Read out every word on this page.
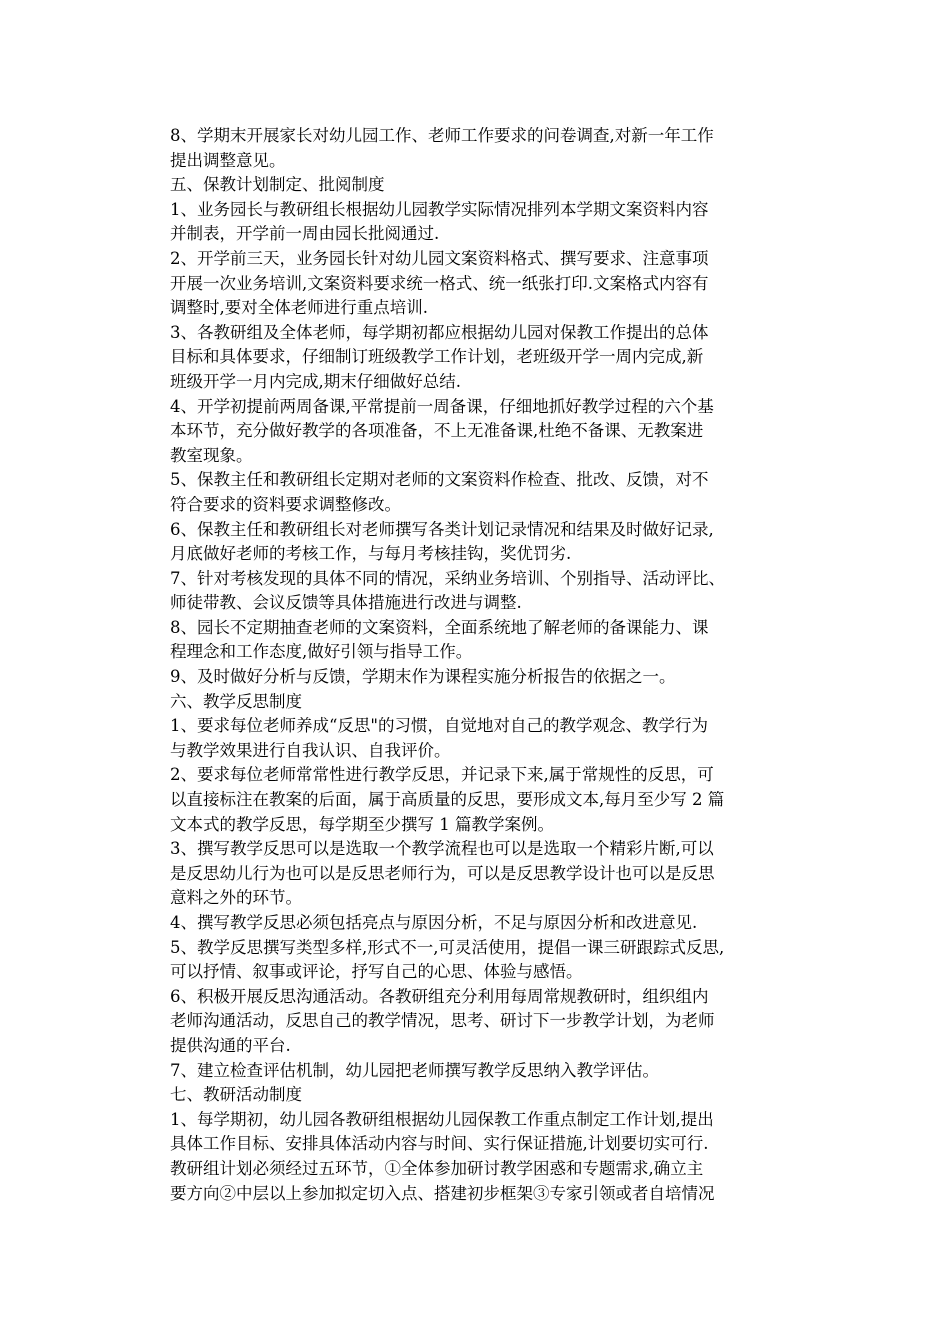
8、学期末开展家长对幼儿园工作、老师工作要求的问卷调查,对新一年工作
提出调整意见。
五、保教计划制定、批阅制度
1、业务园长与教研组长根据幼儿园教学实际情况排列本学期文案资料内容
并制表，开学前一周由园长批阅通过.
2、开学前三天，业务园长针对幼儿园文案资料格式、撰写要求、注意事项
开展一次业务培训,文案资料要求统一格式、统一纸张打印.文案格式内容有
调整时,要对全体老师进行重点培训.
3、各教研组及全体老师，每学期初都应根据幼儿园对保教工作提出的总体
目标和具体要求，仔细制订班级教学工作计划，老班级开学一周内完成,新
班级开学一月内完成,期末仔细做好总结.
4、开学初提前两周备课,平常提前一周备课，仔细地抓好教学过程的六个基
本环节，充分做好教学的各项准备，不上无准备课,杜绝不备课、无教案进
教室现象。
5、保教主任和教研组长定期对老师的文案资料作检查、批改、反馈，对不
符合要求的资料要求调整修改。
6、保教主任和教研组长对老师撰写各类计划记录情况和结果及时做好记录,
月底做好老师的考核工作，与每月考核挂钩，奖优罚劣.
7、针对考核发现的具体不同的情况，采纳业务培训、个别指导、活动评比、
师徒带教、会议反馈等具体措施进行改进与调整.
8、园长不定期抽查老师的文案资料，全面系统地了解老师的备课能力、课
程理念和工作态度,做好引领与指导工作。
9、及时做好分析与反馈，学期末作为课程实施分析报告的依据之一。
六、教学反思制度
1、要求每位老师养成“反思"的习惯，自觉地对自己的教学观念、教学行为
与教学效果进行自我认识、自我评价。
2、要求每位老师常常性进行教学反思，并记录下来,属于常规性的反思，可
以直接标注在教案的后面，属于高质量的反思，要形成文本,每月至少写 2 篇
文本式的教学反思，每学期至少撰写 1 篇教学案例。
3、撰写教学反思可以是选取一个教学流程也可以是选取一个精彩片断,可以
是反思幼儿行为也可以是反思老师行为，可以是反思教学设计也可以是反思
意料之外的环节。
4、撰写教学反思必须包括亮点与原因分析，不足与原因分析和改进意见.
5、教学反思撰写类型多样,形式不一,可灵活使用，提倡一课三研跟踪式反思,
可以抒情、叙事或评论，抒写自己的心思、体验与感悟。
6、积极开展反思沟通活动。各教研组充分利用每周常规教研时，组织组内
老师沟通活动，反思自己的教学情况，思考、研讨下一步教学计划，为老师
提供沟通的平台.
7、建立检查评估机制，幼儿园把老师撰写教学反思纳入教学评估。
七、教研活动制度
1、每学期初，幼儿园各教研组根据幼儿园保教工作重点制定工作计划,提出
具体工作目标、安排具体活动内容与时间、实行保证措施,计划要切实可行.
教研组计划必须经过五环节，①全体参加研讨教学困惑和专题需求,确立主
要方向②中层以上参加拟定切入点、搭建初步框架③专家引领或者自培情况
